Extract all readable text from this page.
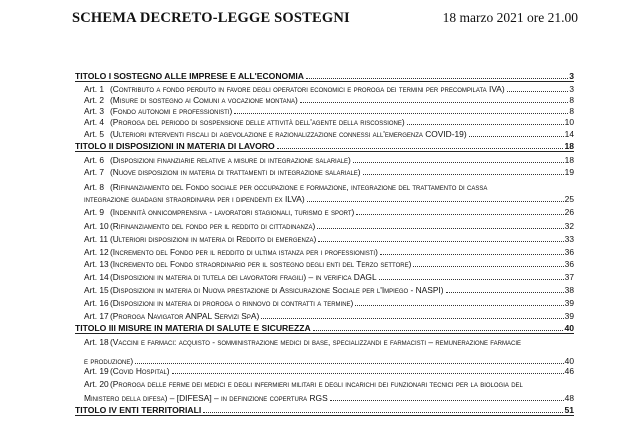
SCHEMA DECRETO-LEGGE SOSTEGNI	18 marzo 2021 ore 21.00
TITOLO I SOSTEGNO ALLE IMPRESE E ALL'ECONOMIA	3
Art. 1 (Contributo a fondo perduto in favore degli operatori economici e proroga dei termini per precompilata IVA)	3
Art. 2 (Misure di sostegno ai Comuni a vocazione montana)	8
Art. 3 (Fondo autonomi e professionisti)	8
Art. 4 (Proroga del periodo di sospensione delle attività dell'agente della riscossione)	10
Art. 5 (Ulteriori interventi fiscali di agevolazione e razionalizzazione connessi all'emergenza COVID-19)	14
TITOLO II DISPOSIZIONI IN MATERIA DI LAVORO	18
Art. 6 (Disposizioni finanziarie relative a misure di integrazione salariale)	18
Art. 7 (Nuove disposizioni in materia di trattamenti di integrazione salariale)	19
Art. 8 (Rifinanziamento del Fondo sociale per occupazione e formazione, integrazione del trattamento di cassa
integrazione guadagni straordinaria per i dipendenti ex ILVA)	25
Art. 9 (Indennità onnicomprensiva - lavoratori stagionali, turismo e sport)	26
Art. 10 (Rifinanziamento del fondo per il reddito di cittadinanza)	32
Art. 11 (Ulteriori disposizioni in materia di Reddito di emergenza)	33
Art. 12 (Incremento del Fondo per il reddito di ultima istanza per i professionisti)	36
Art. 13 (Incremento del Fondo straordinario per il sostegno degli enti del Terzo settore)	36
Art. 14 (Disposizioni in materia di tutela dei lavoratori fragili) – in verifica DAGL	37
Art. 15 (Disposizioni in materia di Nuova prestazione di Assicurazione Sociale per l'Impiego - NASPI)	38
Art. 16 (Disposizioni in materia di proroga o rinnovo di contratti a termine)	39
Art. 17 (Proroga Navigator ANPAL Servizi SpA)	39
TITOLO III MISURE IN MATERIA DI SALUTE E SICUREZZA	40
Art. 18 (Vaccini e farmaci: acquisto - somministrazione medici di base, specializzandi e farmacisti – remunerazione farmacie
e produzione)	40
Art. 19 (Covid Hospital)	46
Art. 20 (Proroga delle ferme dei medici e degli infermieri militari e degli incarichi dei funzionari tecnici per la biologia del
Ministero della difesa) – [DIFESA] – in definizione copertura RGS	48
TITOLO IV ENTI TERRITORIALI	51
